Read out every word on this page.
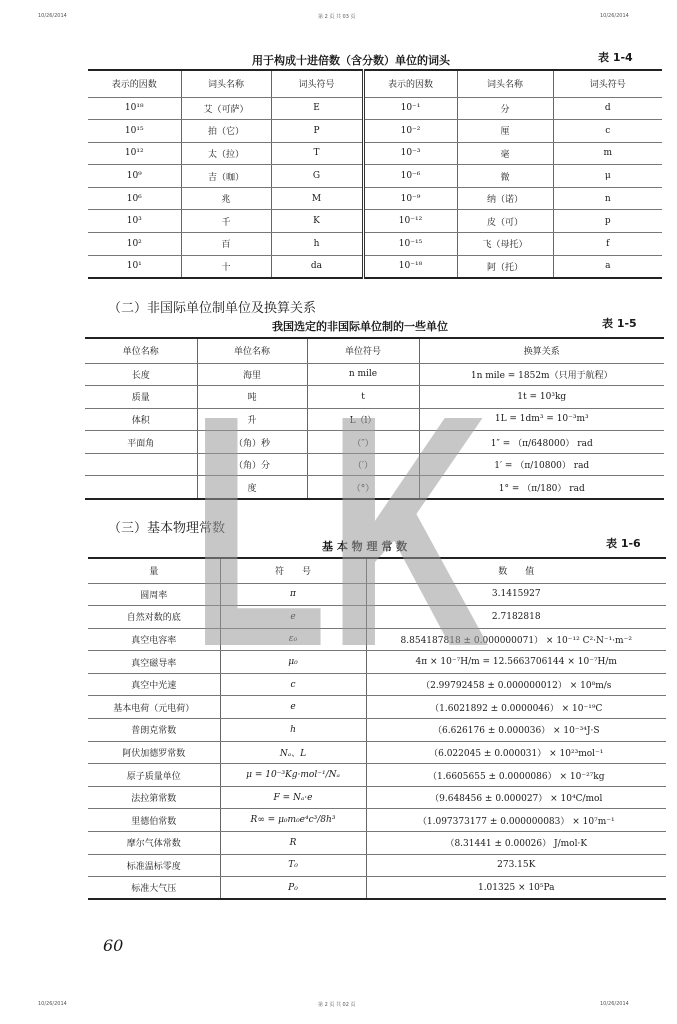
10/26/2014	第 2 页 共 03 页	10/26/2014
用于构成十进倍数（含分数）单位的词头	表 1-4
表示的因数	词头名称	词头符号	表示的因数	词头名称	词头符号
10¹⁸	艾（可萨）	E	10⁻¹	分	d
10¹⁵	拍（它）	P	10⁻²	厘	c
10¹²	太（拉）	T	10⁻³	毫	m
10⁹	吉（咖）	G	10⁻⁶	微	μ
10⁶	兆	M	10⁻⁹	纳（诺）	n
10³	千	K	10⁻¹²	皮（可）	p
10²	百	h	10⁻¹⁵	飞（母托）	f
10¹	十	da	10⁻¹⁸	阿（托）	a
（二）非国际单位制单位及换算关系
我国选定的非国际单位制的一些单位	表 1-5
单位名称	单位名称	单位符号	换算关系
长度	海里	n mile	1n mile = 1852m（只用于航程）
质量	吨	t	1t = 10³kg
体积	升	L（l）	1L = 1dm³ = 10⁻³m³
平面角	（角）秒	（″）	1″ = （π/648000） rad
	（角）分	（′）	1′ = （π/10800） rad
	度	（°）	1° = （π/180） rad
（三）基本物理常数
基 本 物 理 常 数	表 1-6
量	符　　号	数　　值
圆周率	π	3.1415927
自然对数的底	e	2.7182818
真空电容率	ε₀	8.854187818 ± 0.000000071） × 10⁻¹² C²·N⁻¹·m⁻²
真空磁导率	μ₀	4π × 10⁻⁷H/m = 12.5663706144 × 10⁻⁷H/m
真空中光速	c	（2.99792458 ± 0.000000012） × 10⁸m/s
基本电荷（元电荷）	e	（1.6021892 ± 0.0000046） × 10⁻¹⁹C
普朗克常数	h	（6.626176 ± 0.000036） × 10⁻³⁴J·S
阿伏加德罗常数	Nₐ、L	（6.022045 ± 0.000031） × 10²³mol⁻¹
原子质量单位	μ = 10⁻³Kg·mol⁻¹/Nₐ	（1.6605655 ± 0.0000086） × 10⁻²⁷kg
法拉第常数	F = Nₐ·e	（9.648456 ± 0.000027） × 10⁴C/mol
里德伯常数	R∞ = μ₀m₀e⁴c³/8h³	（1.097373177 ± 0.000000083） × 10⁷m⁻¹
摩尔气体常数	R	（8.31441 ± 0.00026） J/mol·K
标准温标零度	T₀	273.15K
标准大气压	P₀	1.01325 × 10⁵Pa
LK
60
10/26/2014	第 2 页 共 02 页	10/26/2014
